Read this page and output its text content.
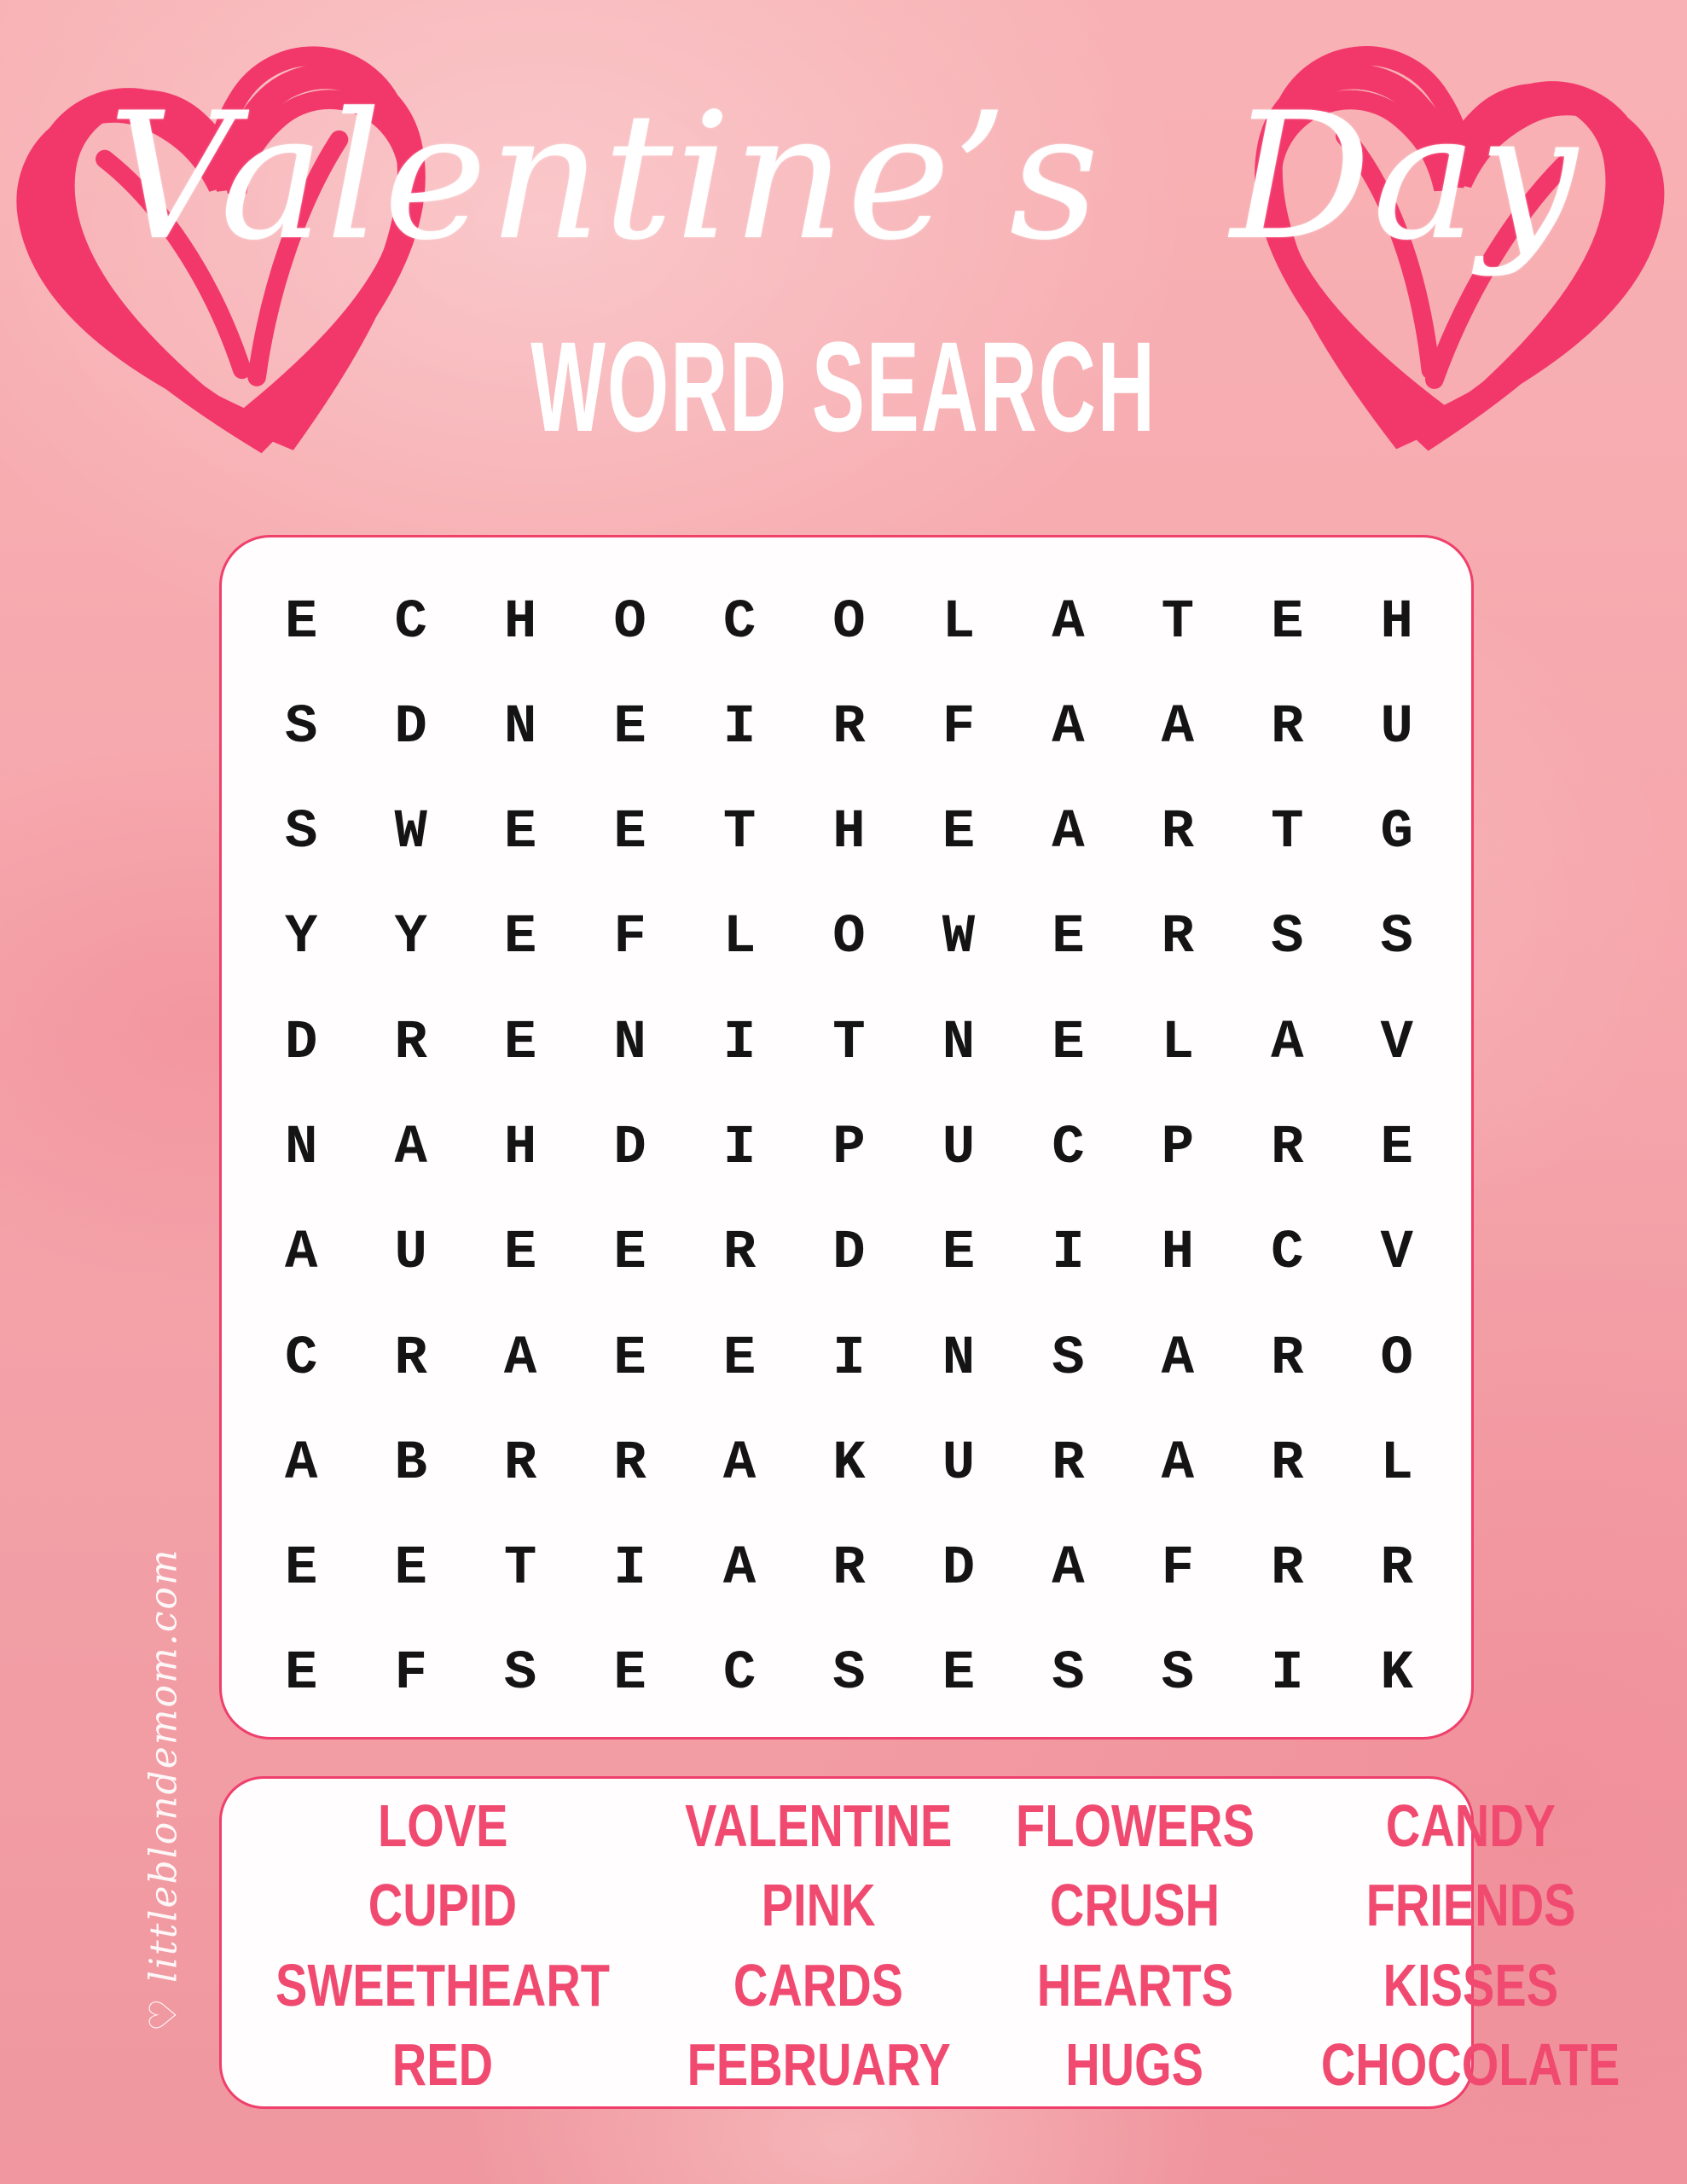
Valentine’s Day
WORD SEARCH
♡ littleblondemom.com
E	C	H	O	C	O	L	A	T	E	H
S	D	N	E	I	R	F	A	A	R	U
S	W	E	E	T	H	E	A	R	T	G
Y	Y	E	F	L	O	W	E	R	S	S
D	R	E	N	I	T	N	E	L	A	V
N	A	H	D	I	P	U	C	P	R	E
A	U	E	E	R	D	E	I	H	C	V
C	R	A	E	E	I	N	S	A	R	O
A	B	R	R	A	K	U	R	A	R	L
E	E	T	I	A	R	D	A	F	R	R
E	F	S	E	C	S	E	S	S	I	K
LOVE
CUPID
SWEETHEART
RED
VALENTINE
PINK
CARDS
FEBRUARY
FLOWERS
CRUSH
HEARTS
HUGS
CANDY
FRIENDS
KISSES
CHOCOLATE
